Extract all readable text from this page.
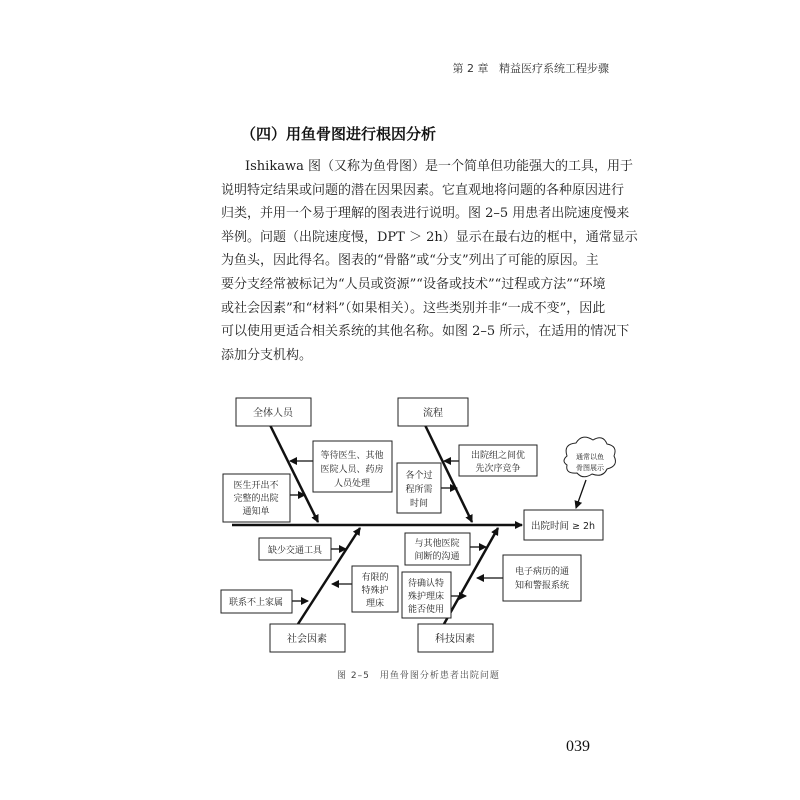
第 2 章 精益医疗系统工程步骤
（四）用鱼骨图进行根因分析
Ishikawa 图（又称为鱼骨图）是一个简单但功能强大的工具，用于
说明特定结果或问题的潜在因果因素。它直观地将问题的各种原因进行
归类，并用一个易于理解的图表进行说明。图 2–5 用患者出院速度慢来
举例。问题（出院速度慢，DPT ＞ 2h）显示在最右边的框中，通常显示
为鱼头，因此得名。图表的“骨骼”或“分支”列出了可能的原因。主
要分支经常被标记为“人员或资源”“设备或技术”“过程或方法”“环境
或社会因素”和“材料”（如果相关）。这些类别并非“一成不变”，因此
可以使用更适合相关系统的其他名称。如图 2–5 所示，在适用的情况下
添加分支机构。
出院时间 ≥ 2h
通常以鱼
骨图展示
全体人员	流程
社会因素	科技因素
等待医生、其他
医院人员、药房
人员处理
医生开出不
完整的出院
通知单
出院组之间优
先次序竞争
各个过
程所需
时间
缺少交通工具
有限的
特殊护
理床
联系不上家属
与其他医院
间断的沟通
待确认特
殊护理床
能否使用
电子病历的通
知和警报系统
图 2–5　用鱼骨图分析患者出院问题
039
